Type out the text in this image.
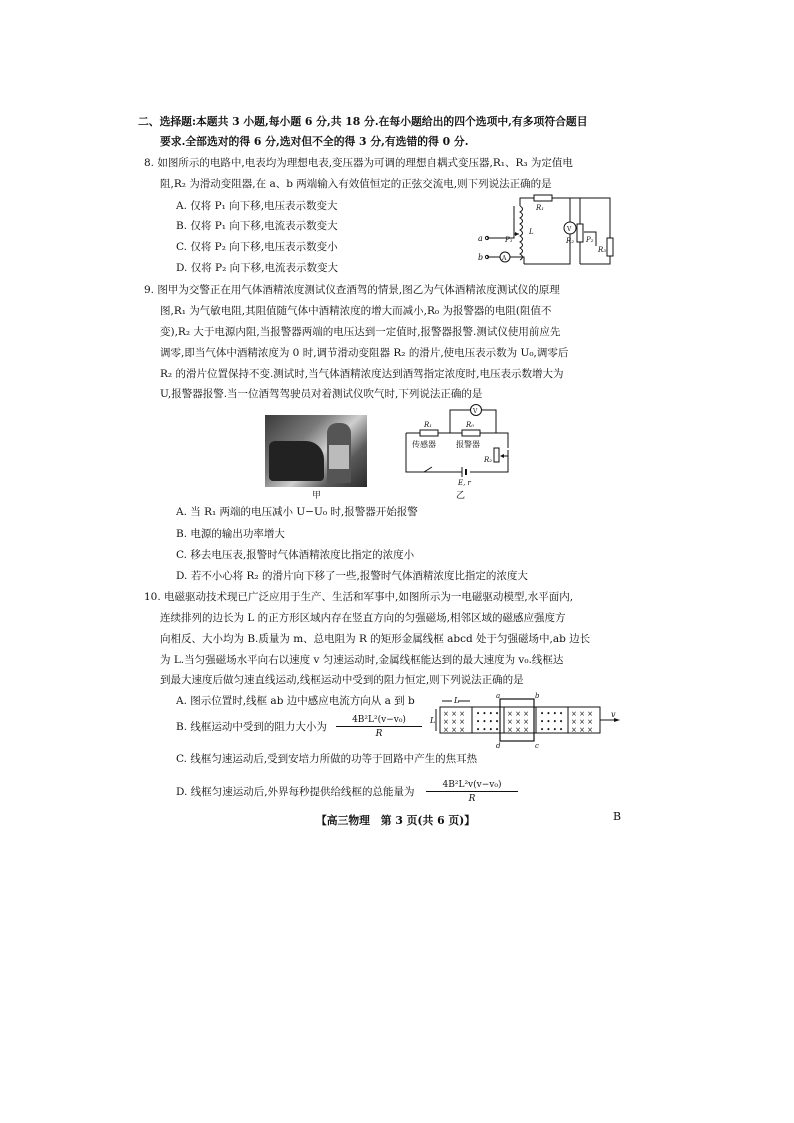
二、选择题:本题共 3 小题,每小题 6 分,共 18 分.在每小题给出的四个选项中,有多项符合题目
要求.全部选对的得 6 分,选对但不全的得 3 分,有选错的得 0 分.
8. 如图所示的电路中,电表均为理想电表,变压器为可调的理想自耦式变压器,R₁、R₃ 为定值电
阻,R₂ 为滑动变阻器,在 a、b 两端输入有效值恒定的正弦交流电,则下列说法正确的是
A. 仅将 P₁ 向下移,电压表示数变大
B. 仅将 P₁ 向下移,电流表示数变大
C. 仅将 P₂ 向下移,电压表示数变小
D. 仅将 P₂ 向下移,电流表示数变大
a
b	A
P₁
L
R₁
V
R₂ P₂
R₃
9. 图甲为交警正在用气体酒精浓度测试仪查酒驾的情景,图乙为气体酒精浓度测试仪的原理
图,R₁ 为气敏电阻,其阻值随气体中酒精浓度的增大而减小,R₀ 为报警器的电阻(阻值不
变),R₂ 大于电源内阻,当报警器两端的电压达到一定值时,报警器报警.测试仪使用前应先
调零,即当气体中酒精浓度为 0 时,调节滑动变阻器 R₂ 的滑片,使电压表示数为 U₀,调零后
R₂ 的滑片位置保持不变.测试时,当气体酒精浓度达到酒驾指定浓度时,电压表示数增大为
U,报警器报警.当一位酒驾驾驶员对着测试仪吹气时,下列说法正确的是
甲
R₁
传感器
R₀
报警器
R₂
V
E, r
乙
A. 当 R₁ 两端的电压减小 U−U₀ 时,报警器开始报警
B. 电源的输出功率增大
C. 移去电压表,报警时气体酒精浓度比指定的浓度小
D. 若不小心将 R₂ 的滑片向下移了一些,报警时气体酒精浓度比指定的浓度大
10. 电磁驱动技术现已广泛应用于生产、生活和军事中,如图所示为一电磁驱动模型,水平面内,
连续排列的边长为 L 的正方形区域内存在竖直方向的匀强磁场,相邻区域的磁感应强度方
向相反、大小均为 B.质量为 m、总电阻为 R 的矩形金属线框 abcd 处于匀强磁场中,ab 边长
为 L.当匀强磁场水平向右以速度 v 匀速运动时,金属线框能达到的最大速度为 v₀.线框达
到最大速度后做匀速直线运动,线框运动中受到的阻力恒定,则下列说法正确的是
A. 图示位置时,线框 ab 边中感应电流方向从 a 到 b
B. 线框运动中受到的阻力大小为
4B²L²(v−v₀)
R
× × ×
× × ×
× × ×
• • • •
• • • •
• • • •
× × ×
× × ×
× × ×
• • • •
• • • •
• • • •
× × ×
× × ×
× × ×
L
L
a	b
c
d
v
C. 线框匀速运动后,受到安培力所做的功等于回路中产生的焦耳热
D. 线框匀速运动后,外界每秒提供给线框的总能量为
4B²L²v(v−v₀)
R
【高三物理　第 3 页(共 6 页)】	B
